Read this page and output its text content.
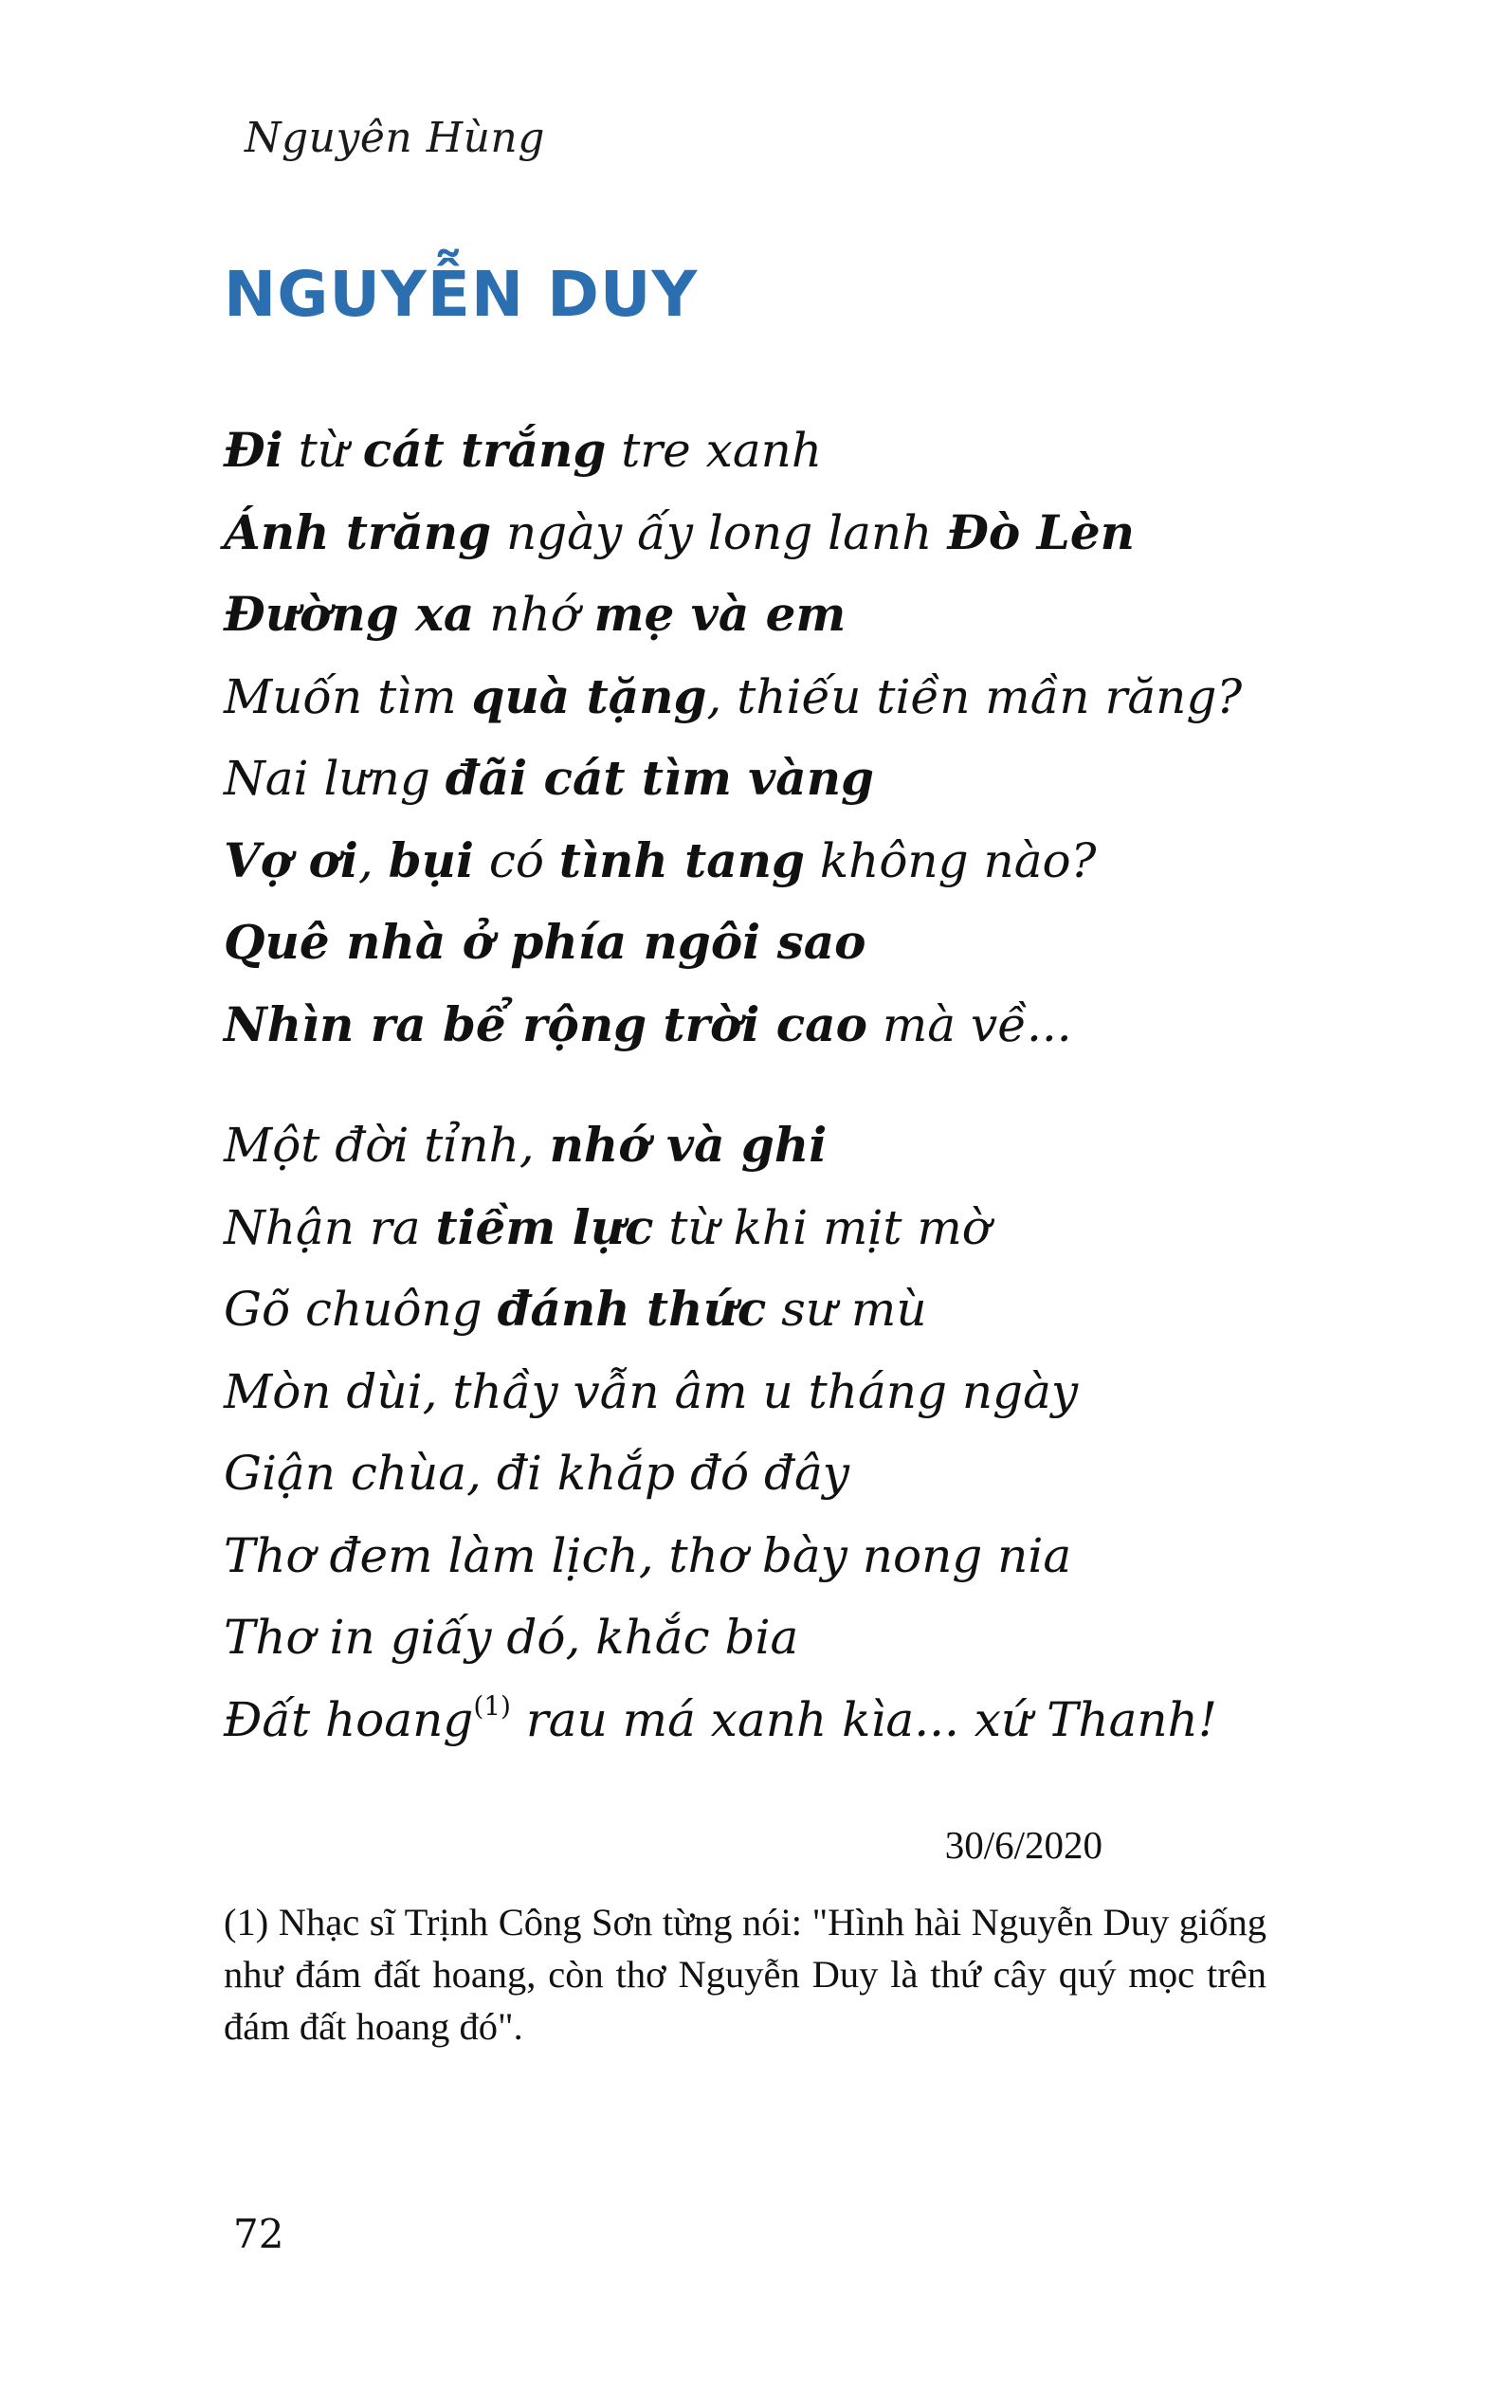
Nguyên Hùng
NGUYỄN DUY
Đi từ cát trắng tre xanh
Ánh trăng ngày ấy long lanh Đò Lèn
Đường xa nhớ mẹ và em
Muốn tìm quà tặng, thiếu tiền mần răng?
Nai lưng đãi cát tìm vàng
Vợ ơi, bụi có tình tang không nào?
Quê nhà ở phía ngôi sao
Nhìn ra bể rộng trời cao mà về...
Một đời tỉnh, nhớ và ghi
Nhận ra tiềm lực từ khi mịt mờ
Gõ chuông đánh thức sư mù
Mòn dùi, thầy vẫn âm u tháng ngày
Giận chùa, đi khắp đó đây
Thơ đem làm lịch, thơ bày nong nia
Thơ in giấy dó, khắc bia
Đất hoang$^{(1)}$ rau má xanh kìa... xứ Thanh!
30/6/2020
(1) Nhạc sĩ Trịnh Công Sơn từng nói: "Hình hài Nguyễn Duy giống như đám đất hoang, còn thơ Nguyễn Duy là thứ cây quý mọc trên đám đất hoang đó".
72
